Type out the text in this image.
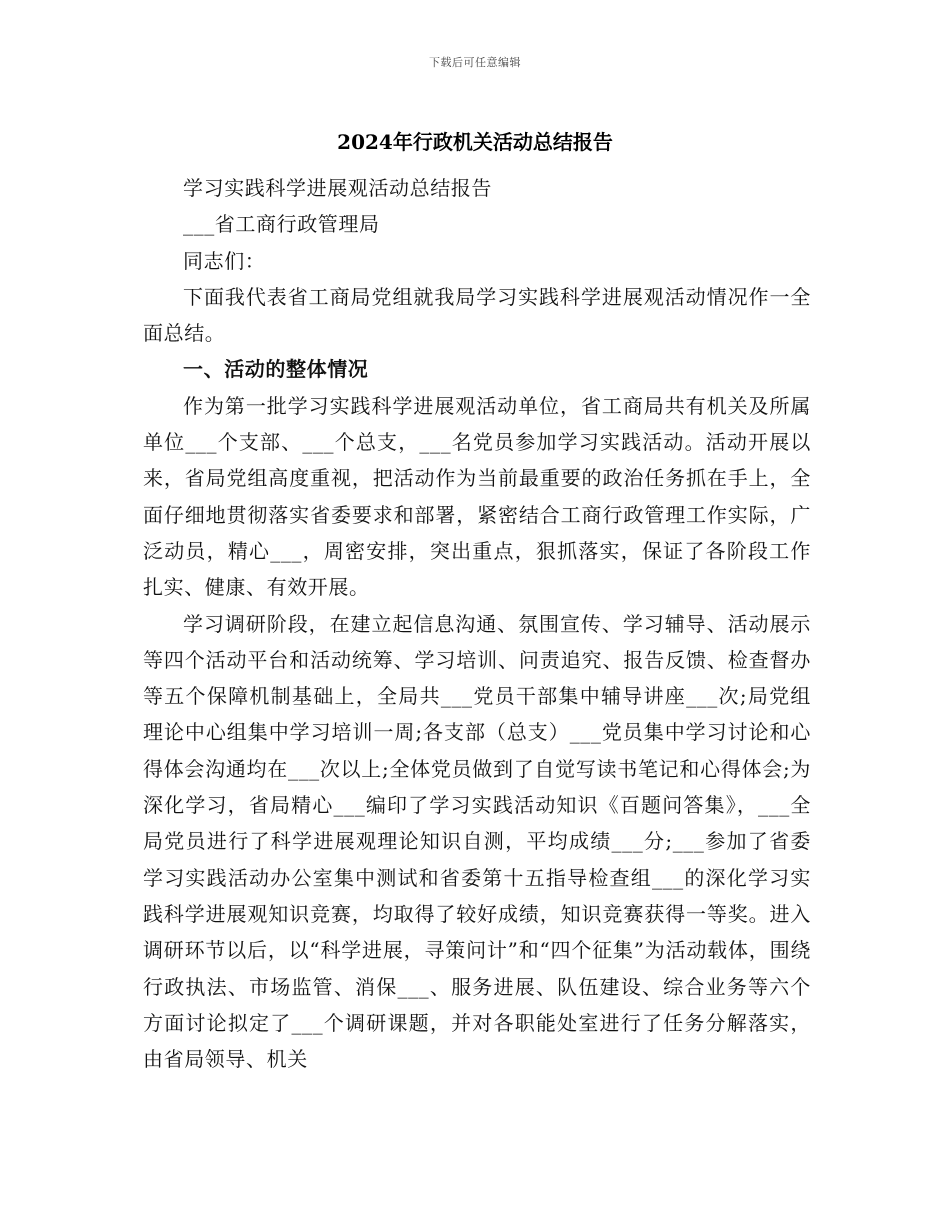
下载后可任意编辑
2024年行政机关活动总结报告

学习实践科学进展观活动总结报告

___省工商行政管理局

同志们：

下面我代表省工商局党组就我局学习实践科学进展观活动情况作一全面总结。

一、活动的整体情况

作为第一批学习实践科学进展观活动单位，省工商局共有机关及所属单位___个支部、___个总支，___名党员参加学习实践活动。活动开展以来，省局党组高度重视，把活动作为当前最重要的政治任务抓在手上，全面仔细地贯彻落实省委要求和部署，紧密结合工商行政管理工作实际，广泛动员，精心___，周密安排，突出重点，狠抓落实，保证了各阶段工作扎实、健康、有效开展。

学习调研阶段，在建立起信息沟通、氛围宣传、学习辅导、活动展示等四个活动平台和活动统筹、学习培训、问责追究、报告反馈、检查督办等五个保障机制基础上，全局共___党员干部集中辅导讲座___次;局党组理论中心组集中学习培训一周;各支部（总支）___党员集中学习讨论和心得体会沟通均在___次以上;全体党员做到了自觉写读书笔记和心得体会;为深化学习，省局精心___编印了学习实践活动知识《百题问答集》，___全局党员进行了科学进展观理论知识自测，平均成绩___分;___参加了省委学习实践活动办公室集中测试和省委第十五指导检查组___的深化学习实践科学进展观知识竞赛，均取得了较好成绩，知识竞赛获得一等奖。进入调研环节以后，以“科学进展，寻策问计”和“四个征集”为活动载体，围绕行政执法、市场监管、消保___、服务进展、队伍建设、综合业务等六个方面讨论拟定了___个调研课题，并对各职能处室进行了任务分解落实，由省局领导、机关
